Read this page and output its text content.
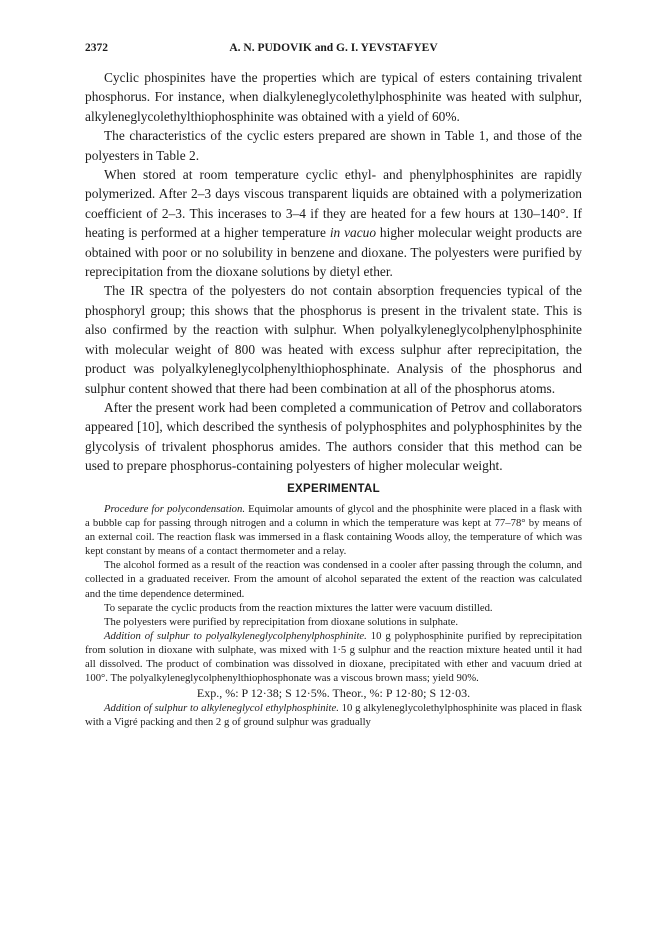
2372	A. N. PUDOVIK and G. I. YEVSTAFYEV

Cyclic phospinites have the properties which are typical of esters containing trivalent phosphorus. For instance, when dialkyleneglycolethylphosphinite was heated with sulphur, alkyleneglycolethylthiophosphinite was obtained with a yield of 60%.

The characteristics of the cyclic esters prepared are shown in Table 1, and those of the polyesters in Table 2.

When stored at room temperature cyclic ethyl- and phenylphosphinites are rapidly polymerized. After 2–3 days viscous transparent liquids are obtained with a polymerization coefficient of 2–3. This incerases to 3–4 if they are heated for a few hours at 130–140°. If heating is performed at a higher temperature in vacuo higher molecular weight products are obtained with poor or no solubility in benzene and dioxane. The polyesters were purified by reprecipitation from the dioxane solutions by dietyl ether.

The IR spectra of the polyesters do not contain absorption frequencies typical of the phosphoryl group; this shows that the phosphorus is present in the trivalent state. This is also confirmed by the reaction with sulphur. When polyalkyleneglycolphenylphosphinite with molecular weight of 800 was heated with excess sulphur after reprecipitation, the product was polyalkyleneglycolphenylthiophosphinate. Analysis of the phosphorus and sulphur content showed that there had been combination at all of the phosphorus atoms.

After the present work had been completed a communication of Petrov and collaborators appeared [10], which described the synthesis of polyphosphites and polyphosphinites by the glycolysis of trivalent phosphorus amides. The authors consider that this method can be used to prepare phosphorus-containing polyesters of higher molecular weight.

EXPERIMENTAL

Procedure for polycondensation. Equimolar amounts of glycol and the phosphinite were placed in a flask with a bubble cap for passing through nitrogen and a column in which the temperature was kept at 77–78° by means of an external coil. The reaction flask was immersed in a flask containing Woods alloy, the temperature of which was kept constant by means of a contact thermometer and a relay.

The alcohol formed as a result of the reaction was condensed in a cooler after passing through the column, and collected in a graduated receiver. From the amount of alcohol separated the extent of the reaction was calculated and the time dependence determined.

To separate the cyclic products from the reaction mixtures the latter were vacuum distilled.

The polyesters were purified by reprecipitation from dioxane solutions in sulphate.

Addition of sulphur to polyalkyleneglycolphenylphosphinite. 10 g polyphosphinite purified by reprecipitation from solution in dioxane with sulphate, was mixed with 1·5 g sulphur and the reaction mixture heated until it had all dissolved. The product of combination was dissolved in dioxane, precipitated with ether and vacuum dried at 100°. The polyalkyleneglycolphenylthiophosphonate was a viscous brown mass; yield 90%.

Exp., %: P 12·38; S 12·5%. Theor., %: P 12·80; S 12·03.

Addition of sulphur to alkyleneglycol ethylphosphinite. 10 g alkyleneglycolethylphosphinite was placed in flask with a Vigré packing and then 2 g of ground sulphur was gradually
